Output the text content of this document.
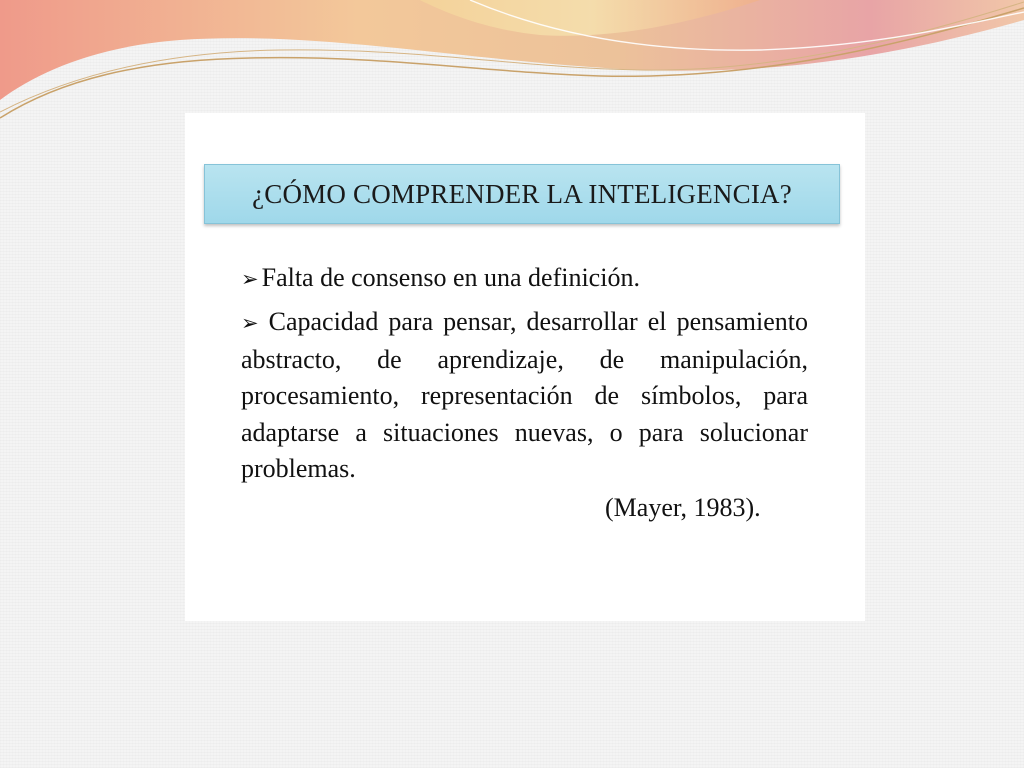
¿CÓMO COMPRENDER LA INTELIGENCIA?
➢ Falta de consenso en una definición.
➢ Capacidad para pensar, desarrollar el pensamiento abstracto, de aprendizaje, de manipulación, procesamiento, representación de símbolos, para adaptarse a situaciones nuevas, o para solucionar problemas.
(Mayer, 1983).
